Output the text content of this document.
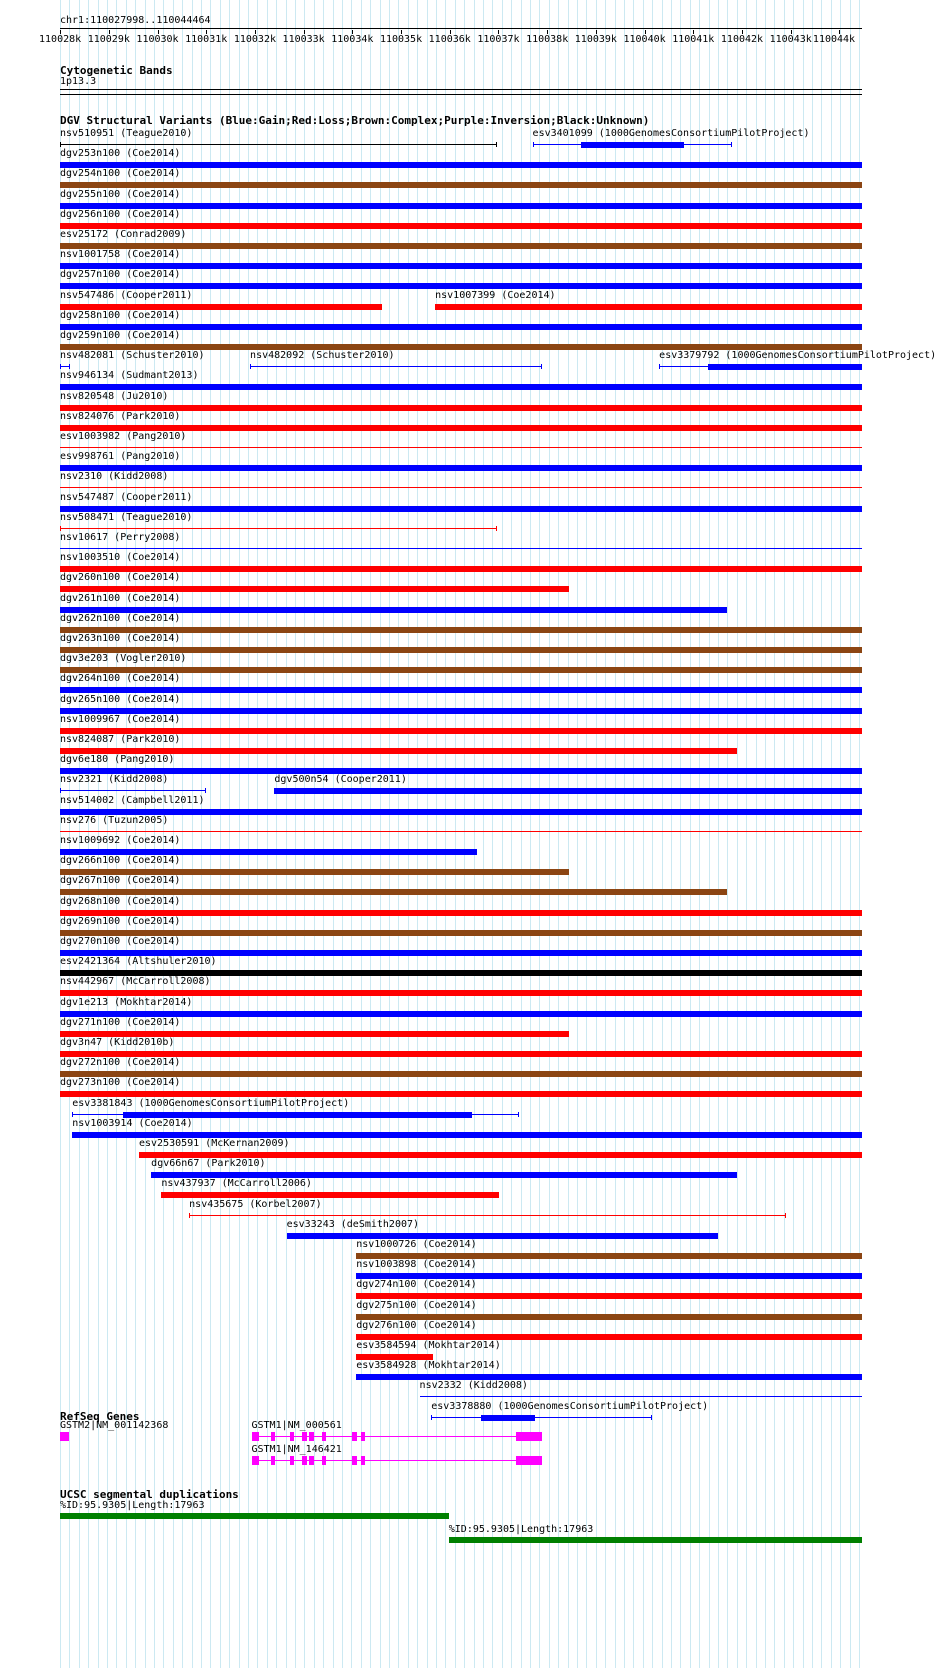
chr1:110027998..110044464
110028k 110029k 110030k 110031k 110032k 110033k 110034k 110035k 110036k 110037k 110038k 110039k 110040k 110041k 110042k 110043k 110044k
Cytogenetic Bands
1p13.3
DGV Structural Variants (Blue:Gain;Red:Loss;Brown:Complex;Purple:Inversion;Black:Unknown)
nsv510951 (Teague2010)	esv3401099 (1000GenomesConsortiumPilotProject)
dgv253n100 (Coe2014)
dgv254n100 (Coe2014)
dgv255n100 (Coe2014)
dgv256n100 (Coe2014)
esv25172 (Conrad2009)
nsv1001758 (Coe2014)
dgv257n100 (Coe2014)
nsv547486 (Cooper2011)	nsv1007399 (Coe2014)
dgv258n100 (Coe2014)
dgv259n100 (Coe2014)
nsv482081 (Schuster2010)	nsv482092 (Schuster2010)	esv3379792 (1000GenomesConsortiumPilotProject)
nsv946134 (Sudmant2013)
nsv820548 (Ju2010)
nsv824076 (Park2010)
esv1003982 (Pang2010)
esv998761 (Pang2010)
nsv2310 (Kidd2008)
nsv547487 (Cooper2011)
nsv508471 (Teague2010)
nsv10617 (Perry2008)
nsv1003510 (Coe2014)
dgv260n100 (Coe2014)
dgv261n100 (Coe2014)
dgv262n100 (Coe2014)
dgv263n100 (Coe2014)
dgv3e203 (Vogler2010)
dgv264n100 (Coe2014)
dgv265n100 (Coe2014)
nsv1009967 (Coe2014)
nsv824087 (Park2010)
dgv6e180 (Pang2010)
nsv2321 (Kidd2008)	dgv500n54 (Cooper2011)
nsv514002 (Campbell2011)
nsv276 (Tuzun2005)
nsv1009692 (Coe2014)
dgv266n100 (Coe2014)
dgv267n100 (Coe2014)
dgv268n100 (Coe2014)
dgv269n100 (Coe2014)
dgv270n100 (Coe2014)
esv2421364 (Altshuler2010)
nsv442967 (McCarroll2008)
dgv1e213 (Mokhtar2014)
dgv271n100 (Coe2014)
dgv3n47 (Kidd2010b)
dgv272n100 (Coe2014)
dgv273n100 (Coe2014)
esv3381843 (1000GenomesConsortiumPilotProject)
nsv1003914 (Coe2014)
esv2530591 (McKernan2009)
dgv66n67 (Park2010)
nsv437937 (McCarroll2006)
nsv435675 (Korbel2007)
esv33243 (deSmith2007)
nsv1000726 (Coe2014)
nsv1003898 (Coe2014)
dgv274n100 (Coe2014)
dgv275n100 (Coe2014)
dgv276n100 (Coe2014)
esv3584594 (Mokhtar2014)
esv3584928 (Mokhtar2014)
nsv2332 (Kidd2008)
esv3378880 (1000GenomesConsortiumPilotProject)
RefSeq Genes
GSTM2|NM_001142368	GSTM1|NM_000561
GSTM1|NM_146421
UCSC segmental duplications
%ID:95.9305|Length:17963
%ID:95.9305|Length:17963
